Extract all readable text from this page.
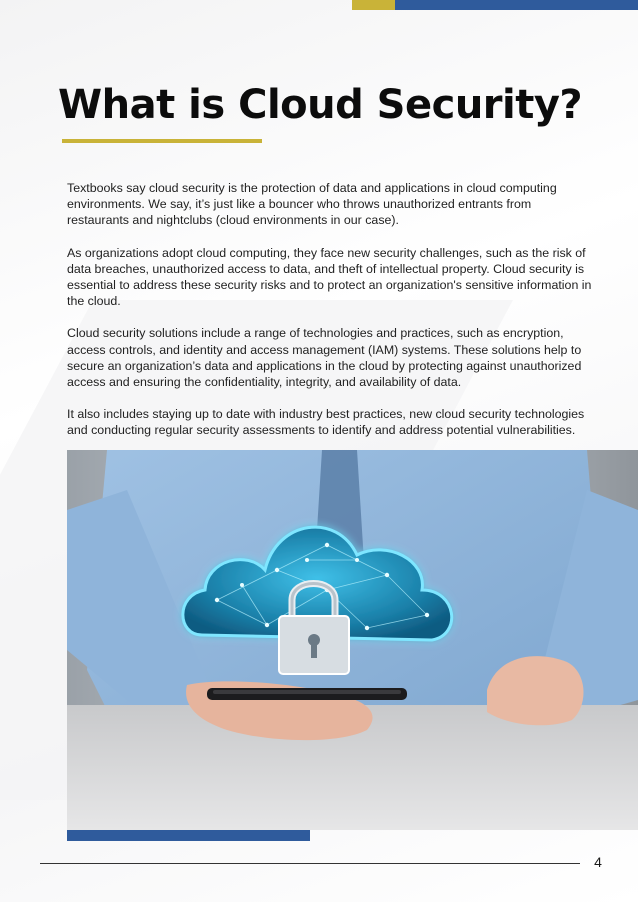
What is Cloud Security?

Textbooks say cloud security is the protection of data and applications in cloud computing environments. We say, it’s just like a bouncer who throws unauthorized entrants from restaurants and nightclubs (cloud environments in our case).

As organizations adopt cloud computing, they face new security challenges, such as the risk of data breaches, unauthorized access to data, and theft of intellectual property. Cloud security is essential to address these security risks and to protect an organization's sensitive information in the cloud.

Cloud security solutions include a range of technologies and practices, such as encryption, access controls, and identity and access management (IAM) systems. These solutions help to secure an organization’s data and applications in the cloud by protecting against unauthorized access and ensuring the confidentiality, integrity, and availability of data.

It also includes staying up to date with industry best practices, new cloud security technologies and conducting regular security assessments to identify and address potential vulnerabilities.

4
